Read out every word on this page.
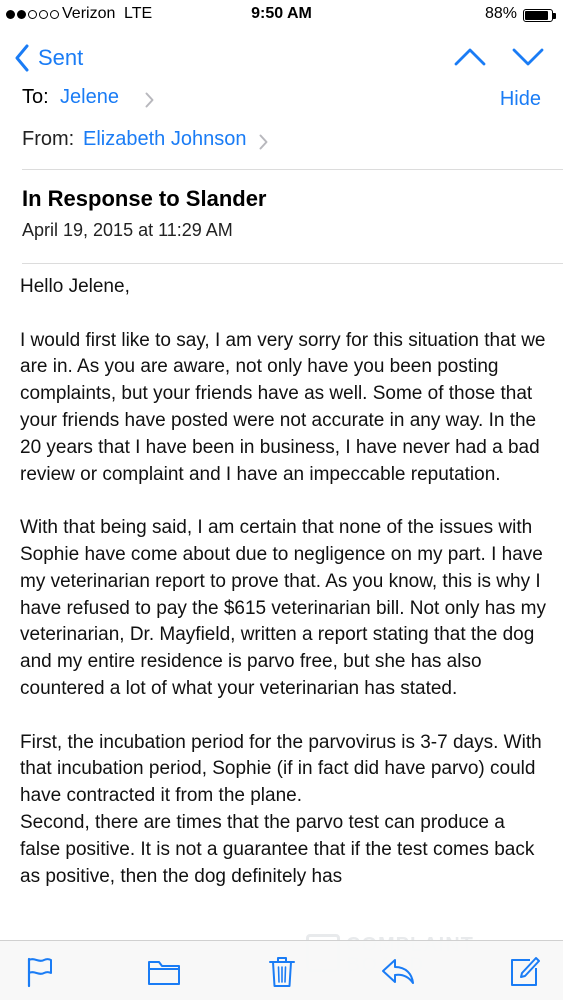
Verizon LTE	9:50 AM	88%
Sent
To: Jelene	Hide
From: Elizabeth Johnson
In Response to Slander
April 19, 2015 at 11:29 AM

Hello Jelene,

I would first like to say, I am very sorry for this situation that we are in. As you are aware, not only have you been posting complaints, but your friends have as well. Some of those that your friends have posted were not accurate in any way. In the 20 years that I have been in business, I have never had a bad review or complaint and I have an impeccable reputation.

With that being said, I am certain that none of the issues with Sophie have come about due to negligence on my part. I have my veterinarian report to prove that. As you know, this is why I have refused to pay the $615 veterinarian bill. Not only has my veterinarian, Dr. Mayfield, written a report stating that the dog and my entire residence is parvo free, but she has also countered a lot of what your veterinarian has stated.

First, the incubation period for the parvovirus is 3-7 days. With that incubation period, Sophie (if in fact did have parvo) could have contracted it from the plane.

Second, there are times that the parvo test can produce a false positive. It is not a guarantee that if the test comes back as positive, then the dog definitely has
